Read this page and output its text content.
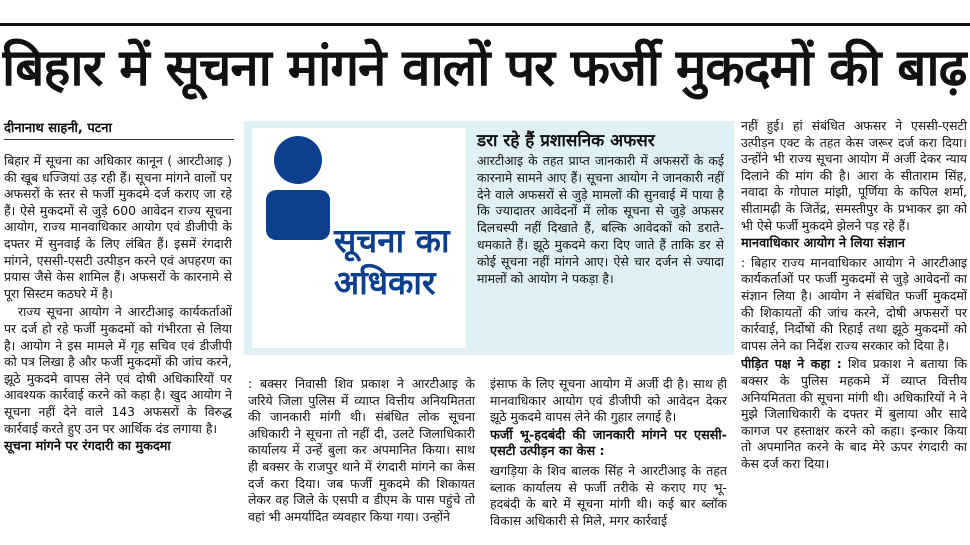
बिहार में सूचना मांगने वालों पर फर्जी मुकदमों की बाढ़
दीनानाथ साहनी, पटना

बिहार में सूचना का अधिकार कानून ( आरटीआइ ) की खूब धज्जियां उड़ रही हैं। सूचना मांगने वालों पर अफसरों के स्तर से फर्जी मुकदमे दर्ज कराए जा रहे हैं। ऐसे मुकदमों से जुड़े 600 आवेदन राज्य सूचना आयोग, राज्य मानवाधिकार आयोग एवं डीजीपी के दफ्तर में सुनवाई के लिए लंबित हैं। इसमें रंगदारी मांगने, एससी-एसटी उत्पीड़न करने एवं अपहरण का प्रयास जैसे केस शामिल हैं। अफसरों के कारनामे से पूरा सिस्टम कठघरे में है।

राज्य सूचना आयोग ने आरटीआइ कार्यकर्ताओं पर दर्ज हो रहे फर्जी मुकदमों को गंभीरता से लिया है। आयोग ने इस मामले में गृह सचिव एवं डीजीपी को पत्र लिखा है और फर्जी मुकदमों की जांच करने, झूठे मुकदमे वापस लेने एवं दोषी अधिकारियों पर आवश्यक कार्रवाई करने को कहा है। खुद आयोग ने सूचना नहीं देने वाले 143 अफसरों के विरुद्ध कार्रवाई करते हुए उन पर आर्थिक दंड लगाया है।

सूचना मांगने पर रंगदारी का मुकदमा

सूचना का अधिकार
डरा रहे हैं प्रशासनिक अफसर
आरटीआइ के तहत प्राप्त जानकारी में अफसरों के कई कारनामे सामने आए हैं। सूचना आयोग ने जानकारी नहीं देने वाले अफसरों से जुड़े मामलों की सुनवाई में पाया है कि ज्यादातर आवेदनों में लोक सूचना से जुड़े अफसर दिलचस्पी नहीं दिखाते हैं, बल्कि आवेदकों को डराते-धमकाते हैं। झूठे मुकदमे करा दिए जाते हैं ताकि डर से कोई सूचना नहीं मांगने आए। ऐसे चार दर्जन से ज्यादा मामलों को आयोग ने पकड़ा है।

: बक्सर निवासी शिव प्रकाश ने आरटीआइ के जरिये जिला पुलिस में व्याप्त वित्तीय अनियमितता की जानकारी मांगी थी। संबंधित लोक सूचना अधिकारी ने सूचना तो नहीं दी, उलटे जिलाधिकारी कार्यालय में उन्हें बुला कर अपमानित किया। साथ ही बक्सर के राजपुर थाने में रंगदारी मांगने का केस दर्ज करा दिया। जब फर्जी मुकदमे की शिकायत लेकर वह जिले के एसपी व डीएम के पास पहुंचे तो वहां भी अमर्यादित व्यवहार किया गया। उन्होंने

इंसाफ के लिए सूचना आयोग में अर्जी दी है। साथ ही मानवाधिकार आयोग एवं डीजीपी को आवेदन देकर झूठे मुकदमे वापस लेने की गुहार लगाई है।

फर्जी भू-हदबंदी की जानकारी मांगने पर एससी-एसटी उत्पीड़न का केस :

खगड़िया के शिव बालक सिंह ने आरटीआइ के तहत ब्लाक कार्यालय से फर्जी तरीके से कराए गए भू-हदबंदी के बारे में सूचना मांगी थी। कई बार ब्लॉक विकास अधिकारी से मिले, मगर कार्रवाई

नहीं हुई। हां संबंधित अफसर ने एससी-एसटी उत्पीड़न एक्ट के तहत केस जरूर दर्ज करा दिया। उन्होंने भी राज्य सूचना आयोग में अर्जी देकर न्याय दिलाने की मांग की है। आरा के सीताराम सिंह, नवादा के गोपाल मांझी, पूर्णिया के कपिल शर्मा, सीतामढ़ी के जितेंद्र, समस्तीपुर के प्रभाकर झा को भी ऐसे फर्जी मुकदमे झेलने पड़ रहे हैं।

मानवाधिकार आयोग ने लिया संज्ञान

: बिहार राज्य मानवाधिकार आयोग ने आरटीआइ कार्यकर्ताओं पर फर्जी मुकदमों से जुड़े आवेदनों का संज्ञान लिया है। आयोग ने संबंधित फर्जी मुकदमों की शिकायतों की जांच करने, दोषी अफसरों पर कार्रवाई, निर्दोषों की रिहाई तथा झूठे मुकदमों को वापस लेने का निर्देश राज्य सरकार को दिया है।

पीड़ित पक्ष ने कहा : शिव प्रकाश ने बताया कि बक्सर के पुलिस महकमे में व्याप्त वित्तीय अनियमितता की सूचना मांगी थी। अधिकारियों ने ने मुझे जिलाधिकारी के दफ्तर में बुलाया और सादे कागज पर हस्ताक्षर करने को कहा। इन्कार किया तो अपमानित करने के बाद मेरे ऊपर रंगदारी का केस दर्ज करा दिया।
